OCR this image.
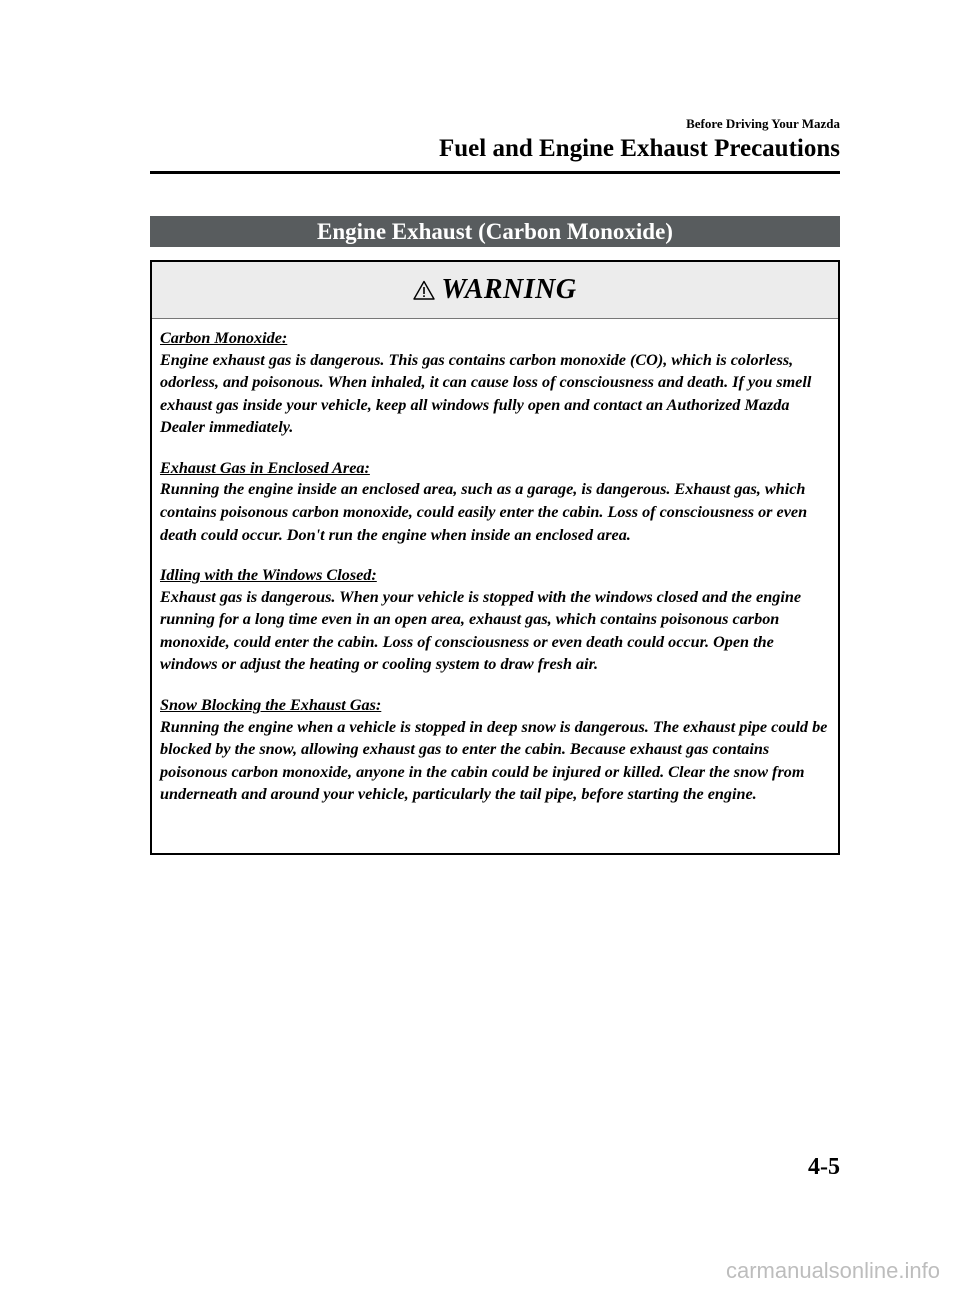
Before Driving Your Mazda
Fuel and Engine Exhaust Precautions
Engine Exhaust (Carbon Monoxide)
WARNING
Carbon Monoxide:
Engine exhaust gas is dangerous. This gas contains carbon monoxide (CO), which is colorless, odorless, and poisonous. When inhaled, it can cause loss of consciousness and death. If you smell exhaust gas inside your vehicle, keep all windows fully open and contact an Authorized Mazda Dealer immediately.
Exhaust Gas in Enclosed Area:
Running the engine inside an enclosed area, such as a garage, is dangerous. Exhaust gas, which contains poisonous carbon monoxide, could easily enter the cabin. Loss of consciousness or even death could occur. Don't run the engine when inside an enclosed area.
Idling with the Windows Closed:
Exhaust gas is dangerous. When your vehicle is stopped with the windows closed and the engine running for a long time even in an open area, exhaust gas, which contains poisonous carbon monoxide, could enter the cabin. Loss of consciousness or even death could occur. Open the windows or adjust the heating or cooling system to draw fresh air.
Snow Blocking the Exhaust Gas:
Running the engine when a vehicle is stopped in deep snow is dangerous. The exhaust pipe could be blocked by the snow, allowing exhaust gas to enter the cabin. Because exhaust gas contains poisonous carbon monoxide, anyone in the cabin could be injured or killed. Clear the snow from underneath and around your vehicle, particularly the tail pipe, before starting the engine.
4-5
carmanualsonline.info
